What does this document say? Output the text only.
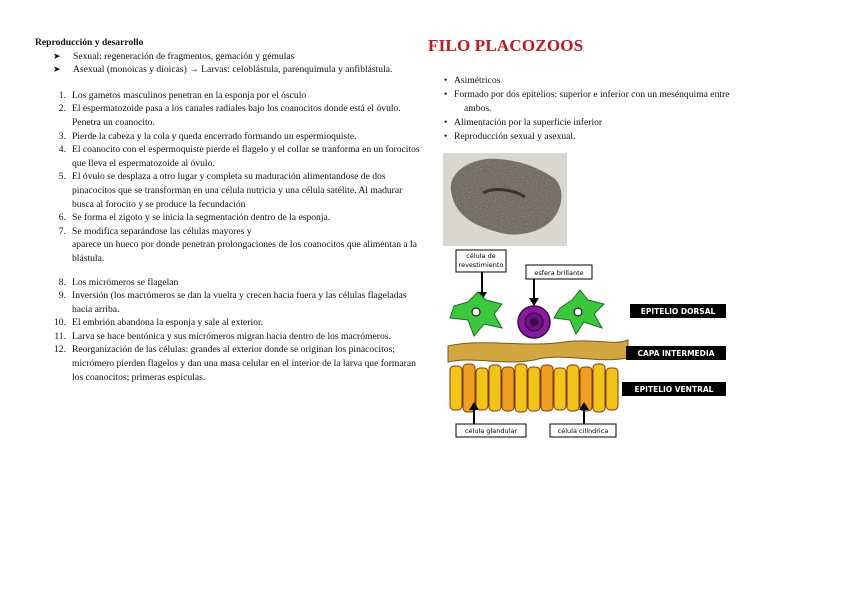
Reproducción y desarrollo

➤ Sexual: regeneración de fragmentos, gemación y gémulas
➤ Asexual (monoicas y dioicas) → Larvas: celoblástula, parenquimula y anfiblástula.
1. Los gametos masculinos penetran en la esponja por el ósculo
2. El espermatozoide pasa a los canales radiales bajo los coanocitos donde está el óvulo. Penetra un coanocito.
3. Pierde la cabeza y la cola y queda encerrado formando un espermioquiste.
4. El coanocito con el espermoquiste pierde el flagelo y el collar se tranforma en un forocitos que lleva el espermatozoide al óvulo.
5. El óvulo se desplaza a otro lugar y completa su maduración alimentandose de dos pinacocitos que se transforman en una célula nutricia y una célula satélite. Al madurar busca al forocito y se produce la fecundación
6. Se forma el zigoto y se inicia la segmentación dentro de la esponja.
7. Se modifica separándose las células mayores y
aparece un hueco por donde penetran prolongaciones de los coanocitos que alimentan a la blástula.
8. Los micrómeros se flagelan
9. Inversión (los macrómeros se dan la vuelta y crecen hacia fuera y las células flageladas hacia arriba.
10. El embrión abandona la esponja y sale al exterior.
11. Larva se hace bentónica y sus micrómeros migran hacia dentro de los macrómeros.
12. Reorganización de las células: grandes al exterior donde se originan los pinacocitos; micrómero pierden flagelos y dan una masa celular en el interior de la larva que formaran los coanocitos; primeras espículas.
FILO PLACOZOOS
• Asimétricos
• Formado por dos epitelios: superior e inferior con un mesénquima entre
ambos.
• Alimentación por la superficie inferior
• Reproducción sexual y asexual.
célula de
revestimiento
esfera brillante
EPITELIO DORSAL
CAPA INTERMEDIA
EPITELIO VENTRAL
célula glandular	célula cilíndrica
